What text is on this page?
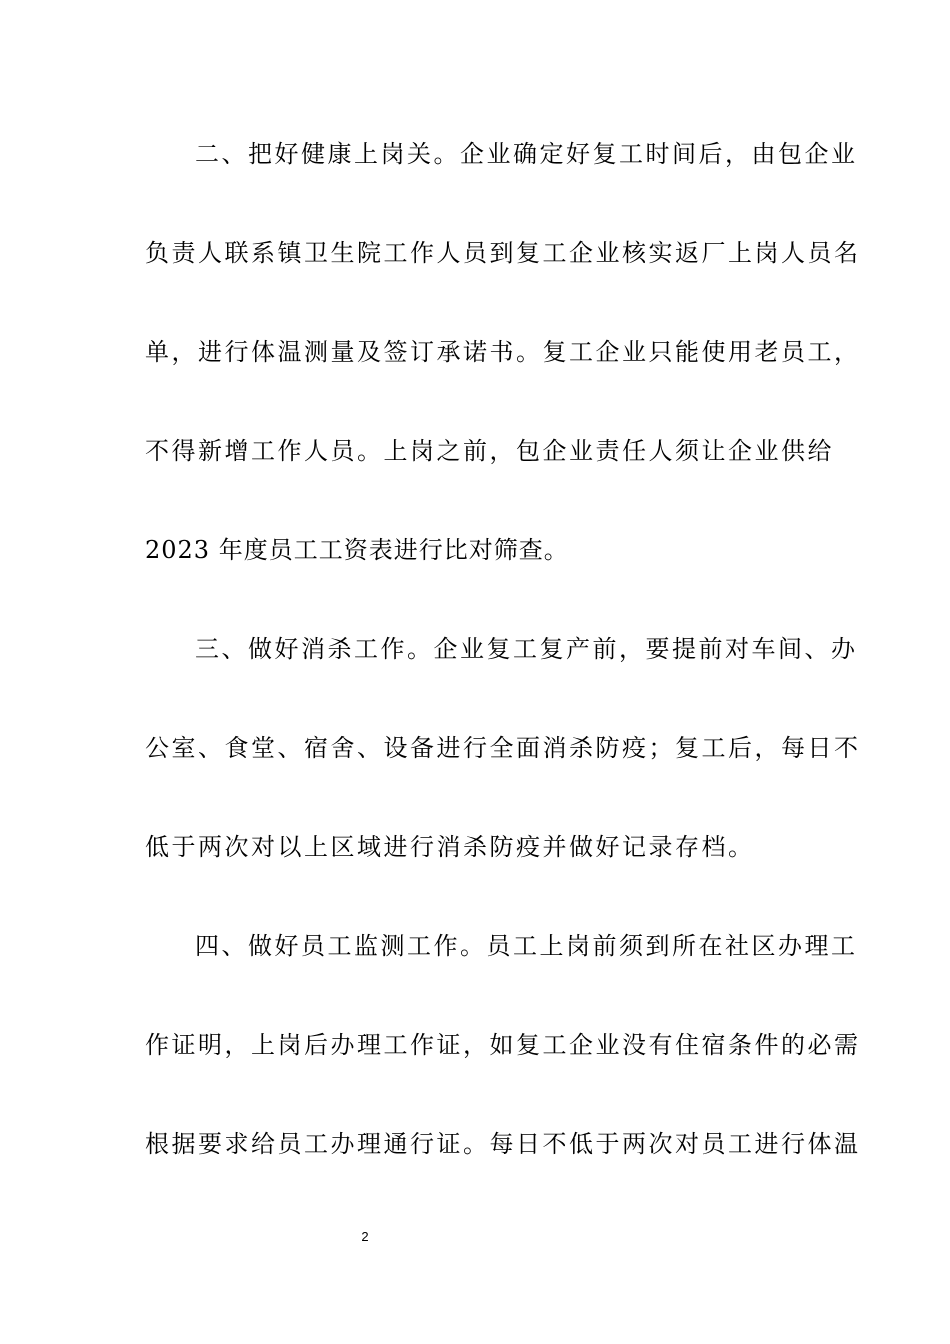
二、把好健康上岗关。企业确定好复工时间后，由包企业
负责人联系镇卫生院工作人员到复工企业核实返厂上岗人员名
单，进行体温测量及签订承诺书。复工企业只能使用老员工，
不得新增工作人员。上岗之前，包企业责任人须让企业供给
2023 年度员工工资表进行比对筛查。
三、做好消杀工作。企业复工复产前，要提前对车间、办
公室、食堂、宿舍、设备进行全面消杀防疫；复工后，每日不
低于两次对以上区域进行消杀防疫并做好记录存档。
四、做好员工监测工作。员工上岗前须到所在社区办理工
作证明，上岗后办理工作证，如复工企业没有住宿条件的必需
根据要求给员工办理通行证。每日不低于两次对员工进行体温
2
